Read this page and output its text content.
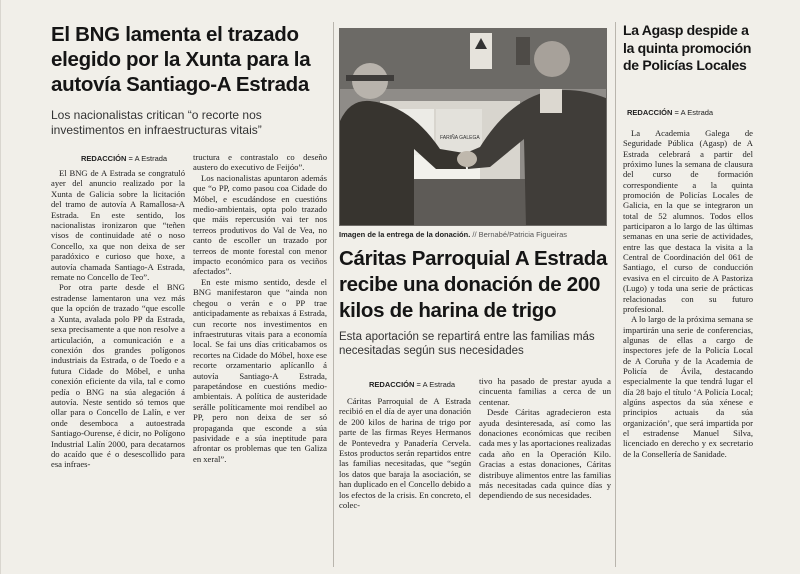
El BNG lamenta el trazado elegido por la Xunta para la autovía Santiago-A Estrada
Los nacionalistas critican “o recorte nos investimentos en infraestructuras vitais”
REDACCIÓN = A Estrada

El BNG de A Estrada se congratuló ayer del anuncio realizado por la Xunta de Galicia sobre la licitación del tramo de autovía A Ramallosa-A Estrada. En este sentido, los nacionalistas ironizaron que “teñen visos de continuidade até o noso Concello, xa que non deixa de ser paradóxico e curioso que hoxe, a autovía chamada Santiago-A Estrada, remate no Concello de Teo”.

Por otra parte desde el BNG estradense lamentaron una vez más que la opción de trazado “que escolle a Xunta, avalada polo PP da Estrada, sexa precisamente a que non resolve a articulación, a comunicación e a conexión dos grandes polígonos industriais da Estrada, o de Toedo e a futura Cidade do Móbel, e unha conexión eficiente da vila, tal e como pedía o BNG na súa alegación á autovía. Neste sentido só temos que ollar para o Concello de Lalín, e ver onde desemboca a autoestrada Santiago-Ourense, é dicir, no Polígono Industrial Lalín 2000, para decatarnos do acaído que é o desescollido para esa infraes-

tructura e contrastalo co deseño austero do executivo de Feijóo”.

Los nacionalistas apuntaron además que “o PP, como pasou coa Cidade do Móbel, e escudándose en cuestións medio-ambientais, opta polo trazado que máis repercusión vai ter nos terreos produtivos do Val de Vea, no canto de escoller un trazado por terreos de monte forestal con menor impacto económico para os veciños afectados”.

En este mismo sentido, desde el BNG manifestaron que “ainda non chegou o verán e o PP trae anticipadamente as rebaixas á Estrada, cun recorte nos investimentos en infraestruturas vitais para a economía local. Se fai uns días criticabamos os recortes na Cidade do Móbel, hoxe ese recorte orzamentario aplícanllo á autovía Santiago-A Estrada, parapetándose en cuestións medio-ambientais. A política de austeridade serálle políticamente moi rendíbel ao PP, pero non deixa de ser só propaganda que esconde a súa pasividade e a súa ineptitude para afrontar os problemas que ten Galiza en xeral”.

FARIÑA GALEGA
Imagen de la entrega de la donación. // Bernabé/Patricia Figueiras
Cáritas Parroquial A Estrada recibe una donación de 200 kilos de harina de trigo
Esta aportación se repartirá entre las familias más necesitadas según sus necesidades
REDACCIÓN = A Estrada

Cáritas Parroquial de A Estrada recibió en el día de ayer una donación de 200 kilos de harina de trigo por parte de las firmas Reyes Hermanos de Pontevedra y Panadería Cervela. Estos productos serán repartidos entre las familias necesitadas, que “según los datos que baraja la asociación, se han duplicado en el Concello debido a los efectos de la crisis. En concreto, el colec-

tivo ha pasado de prestar ayuda a cincuenta familias a cerca de un centenar.

Desde Cáritas agradecieron esta ayuda desinteresada, así como las donaciones económicas que reciben cada mes y las aportaciones realizadas cada año en la Operación Kilo. Gracias a estas donaciones, Cáritas distribuye alimentos entre las familias más necesitadas cada quince días y dependiendo de sus necesidades.

La Agasp despide a la quinta promoción de Policías Locales
REDACCIÓN = A Estrada

La Academia Galega de Seguridade Pública (Agasp) de A Estrada celebrará a partir del próximo lunes la semana de clausura del curso de formación correspondiente a la quinta promoción de Policías Locales de Galicia, en la que se integraron un total de 52 alumnos. Todos ellos participaron a lo largo de las últimas semanas en una serie de actividades, entre las que destaca la visita a la Central de Coordinación del 061 de Santiago, el curso de conducción evasiva en el circuito de A Pastoriza (Lugo) y toda una serie de prácticas relacionadas con su futuro profesional.

A lo largo de la próxima semana se impartirán una serie de conferencias, algunas de ellas a cargo de inspectores jefe de la Policía Local de A Coruña y de la Academia de Policía de Ávila, destacando especialmente la que tendrá lugar el día 28 bajo el título ‘A Policía Local; algúns aspectos da súa xénese e principios actuais da súa organización’, que será impartida por el estradense Manuel Silva, licenciado en derecho y ex secretario de la Consellería de Sanidade.
